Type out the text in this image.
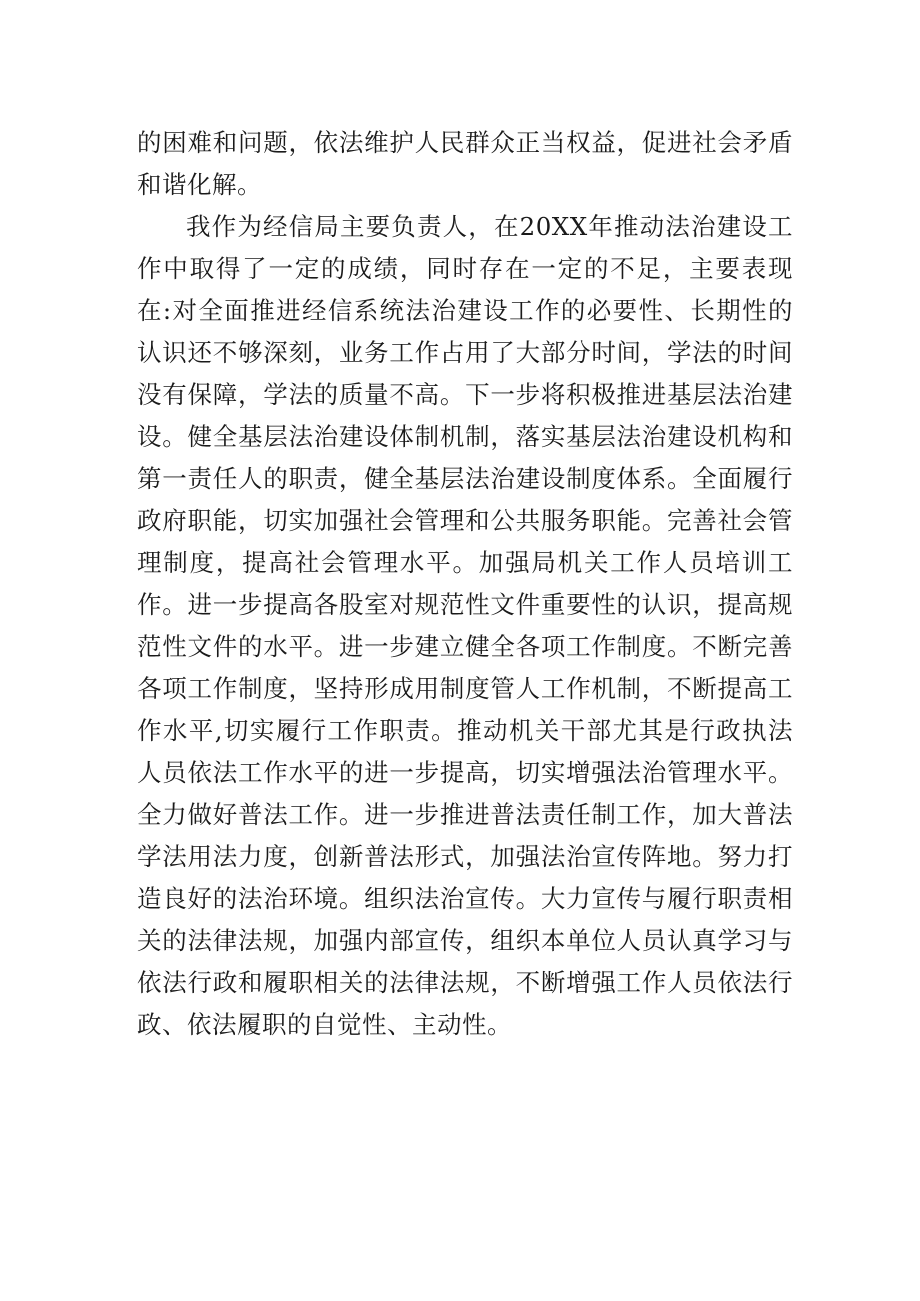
的困难和问题，依法维护人民群众正当权益，促进社会矛盾和谐化解。

我作为经信局主要负责人，在20XX年推动法治建设工作中取得了一定的成绩，同时存在一定的不足，主要表现在:对全面推进经信系统法治建设工作的必要性、长期性的认识还不够深刻，业务工作占用了大部分时间，学法的时间没有保障，学法的质量不高。下一步将积极推进基层法治建设。健全基层法治建设体制机制，落实基层法治建设机构和第一责任人的职责，健全基层法治建设制度体系。全面履行政府职能，切实加强社会管理和公共服务职能。完善社会管理制度，提高社会管理水平。加强局机关工作人员培训工作。进一步提高各股室对规范性文件重要性的认识，提高规范性文件的水平。进一步建立健全各项工作制度。不断完善各项工作制度，坚持形成用制度管人工作机制，不断提高工作水平,切实履行工作职责。推动机关干部尤其是行政执法人员依法工作水平的进一步提高，切实增强法治管理水平。全力做好普法工作。进一步推进普法责任制工作，加大普法学法用法力度，创新普法形式，加强法治宣传阵地。努力打造良好的法治环境。组织法治宣传。大力宣传与履行职责相关的法律法规，加强内部宣传，组织本单位人员认真学习与依法行政和履职相关的法律法规，不断增强工作人员依法行政、依法履职的自觉性、主动性。
